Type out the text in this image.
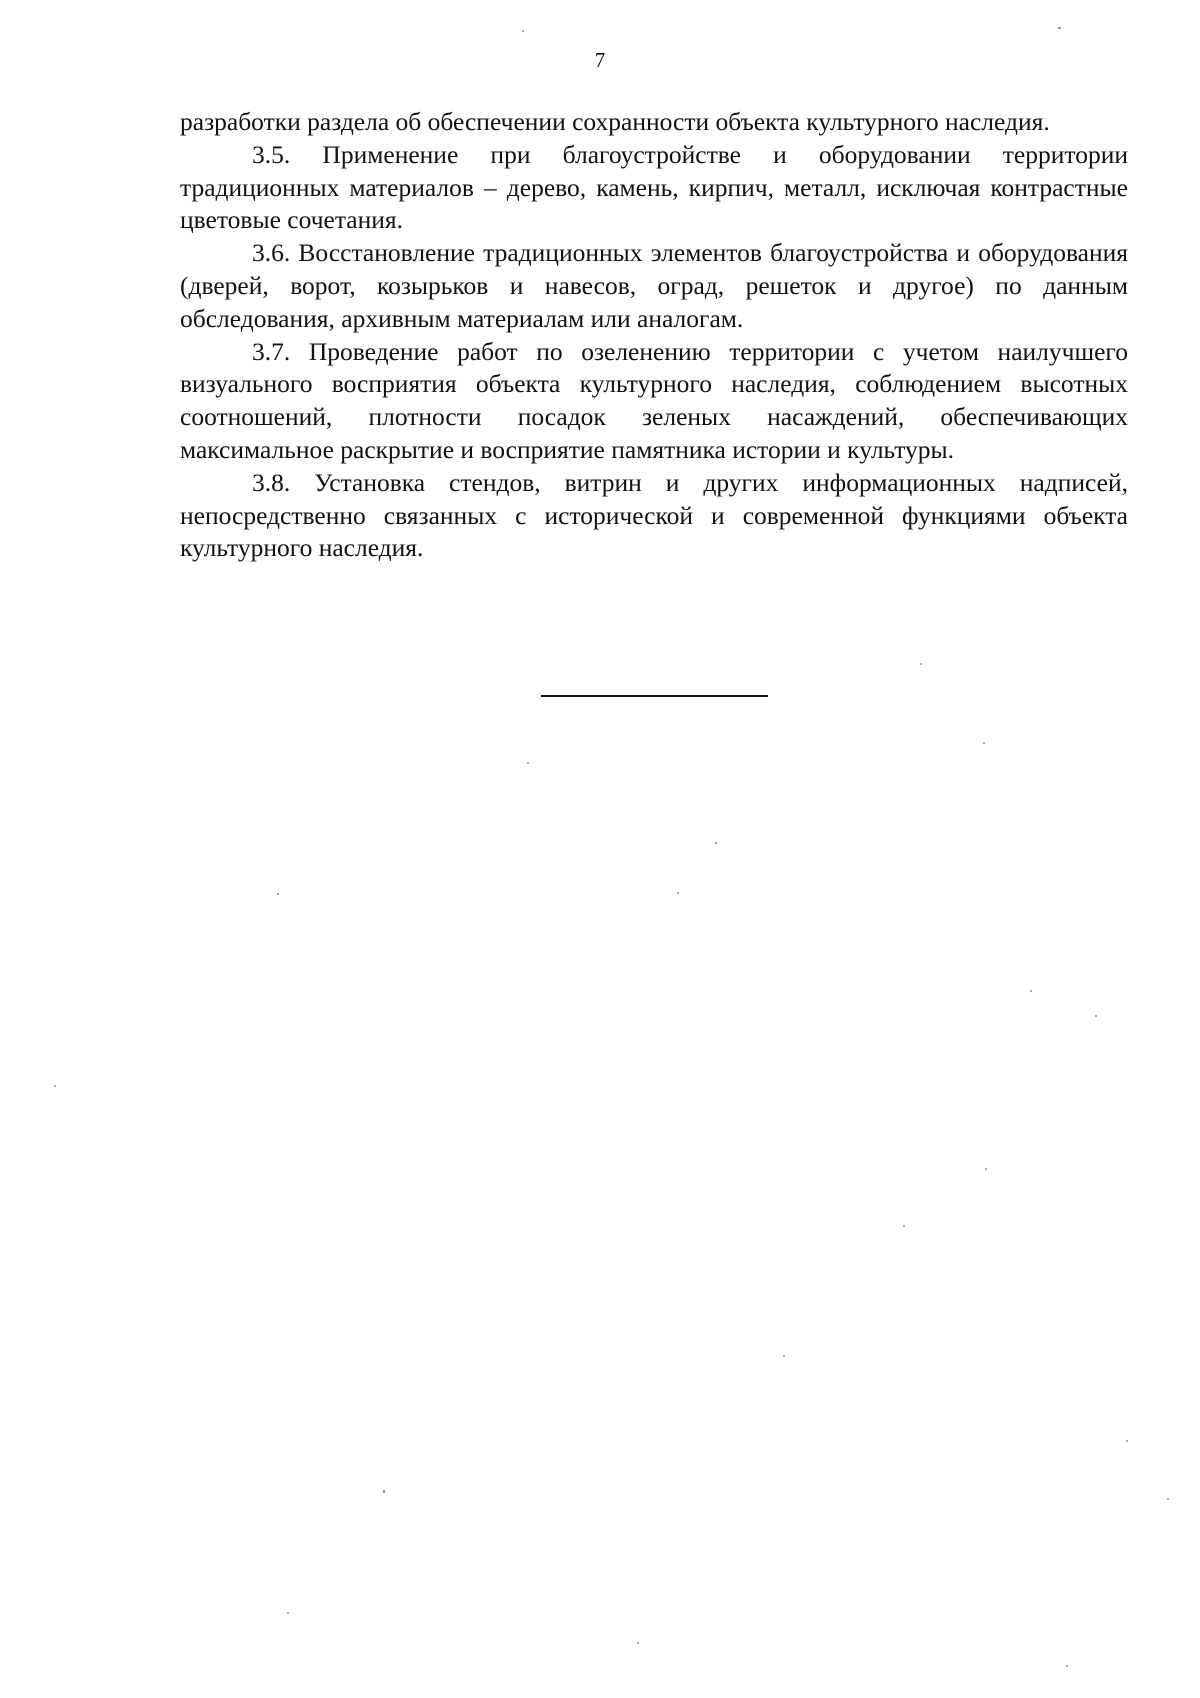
7

разработки раздела об обеспечении сохранности объекта культурного наследия.

3.5. Применение при благоустройстве и оборудовании территории традиционных материалов – дерево, камень, кирпич, металл, исключая контрастные цветовые сочетания.

3.6. Восстановление традиционных элементов благоустройства и оборудования (дверей, ворот, козырьков и навесов, оград, решеток и другое) по данным обследования, архивным материалам или аналогам.

3.7. Проведение работ по озеленению территории с учетом наилучшего визуального восприятия объекта культурного наследия, соблюдением высотных соотношений, плотности посадок зеленых насаждений, обеспечивающих максимальное раскрытие и восприятие памятника истории и культуры.

3.8. Установка стендов, витрин и других информационных надписей, непосредственно связанных с исторической и современной функциями объекта культурного наследия.
